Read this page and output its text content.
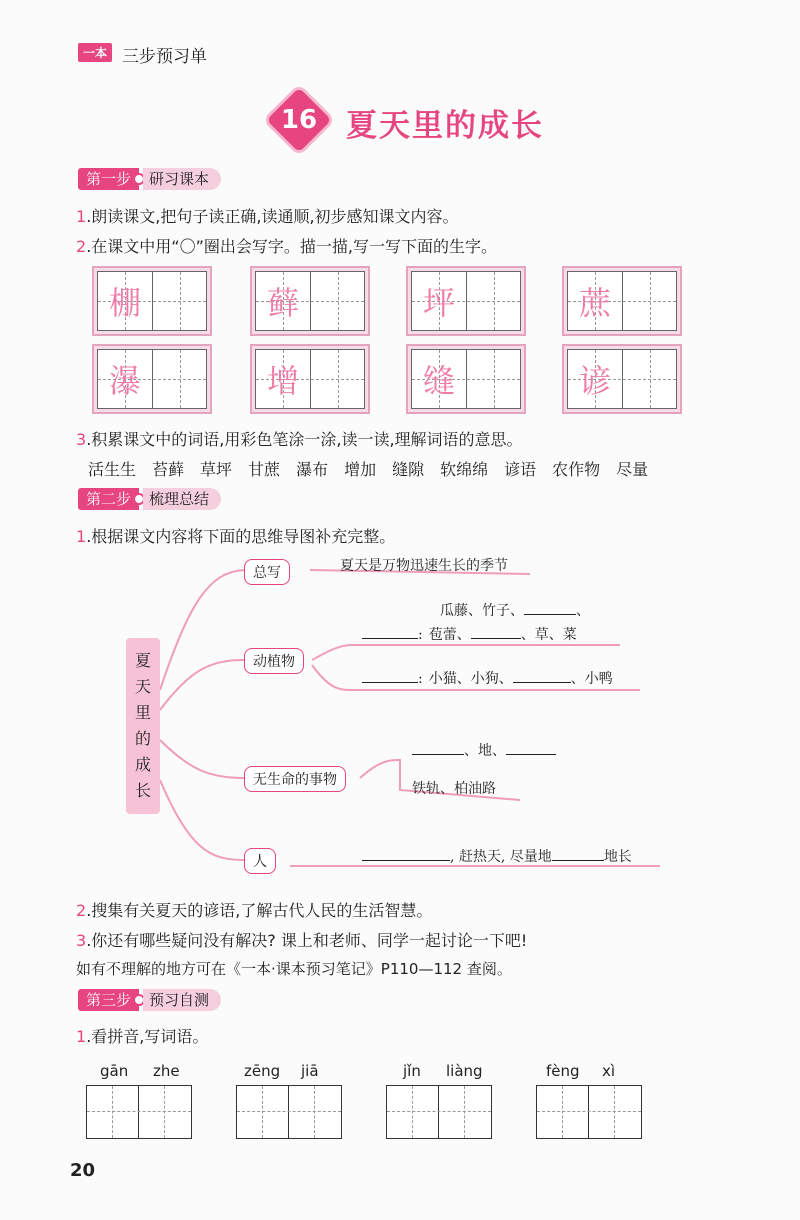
一本 三步预习单
16 夏天里的成长
第一步	研习课本
1.朗读课文,把句子读正确,读通顺,初步感知课文内容。
2.在课文中用“〇”圈出会写字。描一描,写一写下面的生字。
棚	藓	坪	蔗
瀑	增	缝	谚
3.积累课文中的词语,用彩色笔涂一涂,读一读,理解词语的意思。
活生生 苔藓 草坪 甘蔗 瀑布 增加 缝隙 软绵绵 谚语 农作物 尽量
第二步	梳理总结
1.根据课文内容将下面的思维导图补充完整。
夏
天
里
的
成
长
总写	夏天是万物迅速生长的季节
动植物
瓜藤、竹子、	、
: 苞蕾、	、草、菜
: 小猫、小狗、	、小鸭
无生命的事物
、地、
铁轨、柏油路
人	, 赶热天, 尽量地	地长
2.搜集有关夏天的谚语,了解古代人民的生活智慧。
3.你还有哪些疑问没有解决? 课上和老师、同学一起讨论一下吧!
如有不理解的地方可在《一本·课本预习笔记》P110—112 查阅。
第三步	预习自测
1.看拼音,写词语。
gān zhe	zēng jiā	jǐn liàng	fèng xì
20
